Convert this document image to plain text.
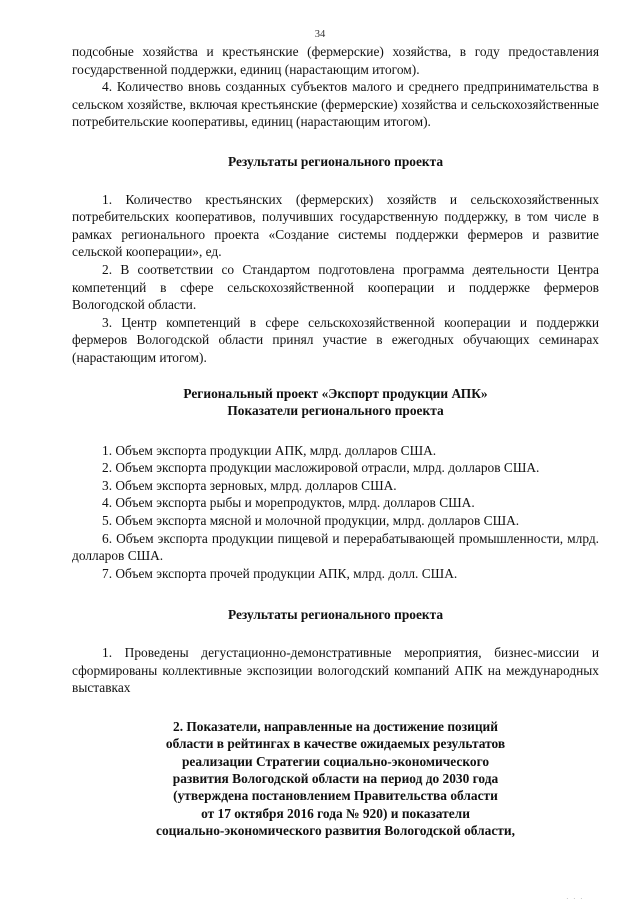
34

подсобные хозяйства и крестьянские (фермерские) хозяйства, в году предоставления государственной поддержки, единиц (нарастающим итогом).

4. Количество вновь созданных субъектов малого и среднего предпринимательства в сельском хозяйстве, включая крестьянские (фермерские) хозяйства и сельскохозяйственные потребительские кооперативы, единиц (нарастающим итогом).

Результаты регионального проекта

1. Количество крестьянских (фермерских) хозяйств и сельскохозяйственных потребительских кооперативов, получивших государственную поддержку, в том числе в рамках регионального проекта «Создание системы поддержки фермеров и развитие сельской кооперации», ед.

2. В соответствии со Стандартом подготовлена программа деятельности Центра компетенций в сфере сельскохозяйственной кооперации и поддержке фермеров Вологодской области.

3. Центр компетенций в сфере сельскохозяйственной кооперации и поддержки фермеров Вологодской области принял участие в ежегодных обучающих семинарах (нарастающим итогом).

Региональный проект «Экспорт продукции АПК»
Показатели регионального проекта

1. Объем экспорта продукции АПК, млрд. долларов США.

2. Объем экспорта продукции масложировой отрасли, млрд. долларов США.

3. Объем экспорта зерновых, млрд. долларов США.

4. Объем экспорта рыбы и морепродуктов, млрд. долларов США.

5. Объем экспорта мясной и молочной продукции, млрд. долларов США.

6. Объем экспорта продукции пищевой и перерабатывающей промышленности, млрд. долларов США.

7. Объем экспорта прочей продукции АПК, млрд. долл. США.

Результаты регионального проекта

1. Проведены дегустационно-демонстративные мероприятия, бизнес-миссии и сформированы коллективные экспозиции вологодский компаний АПК на международных выставках

2. Показатели, направленные на достижение позиций
области в рейтингах в качестве ожидаемых результатов
реализации Стратегии социально-экономического
развития Вологодской области на период до 2030 года
(утверждена постановлением Правительства области
от 17 октября 2016 года № 920) и показатели
социально-экономического развития Вологодской области,
. . .
